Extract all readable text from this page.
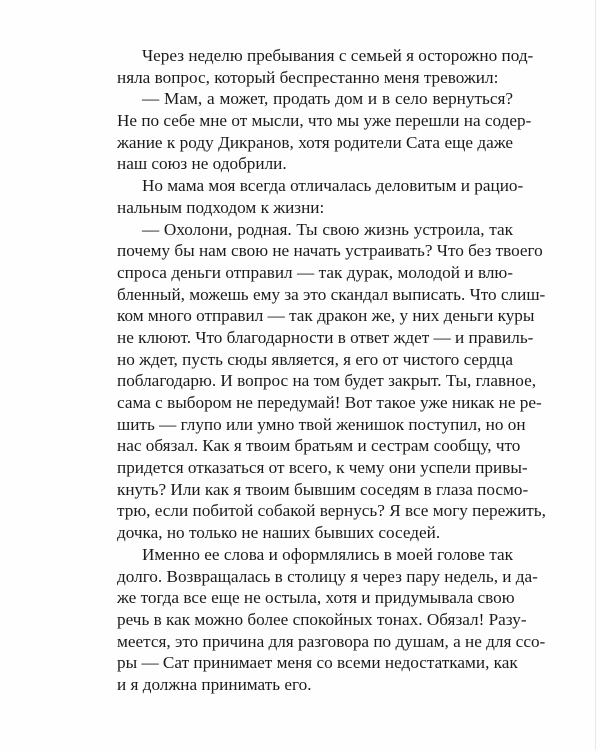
Через неделю пребывания с семьей я осторожно под-
няла вопрос, который беспрестанно меня тревожил:
— Мам, а может, продать дом и в село вернуться?
Не по себе мне от мысли, что мы уже перешли на содер-
жание к роду Дикранов, хотя родители Сата еще даже
наш союз не одобрили.
Но мама моя всегда отличалась деловитым и рацио-
нальным подходом к жизни:
— Охолони, родная. Ты свою жизнь устроила, так
почему бы нам свою не начать устраивать? Что без твоего
спроса деньги отправил — так дурак, молодой и влю-
бленный, можешь ему за это скандал выписать. Что слиш-
ком много отправил — так дракон же, у них деньги куры
не клюют. Что благодарности в ответ ждет — и правиль-
но ждет, пусть сюды является, я его от чистого сердца
поблагодарю. И вопрос на том будет закрыт. Ты, главное,
сама с выбором не передумай! Вот такое уже никак не ре-
шить — глупо или умно твой женишок поступил, но он
нас обязал. Как я твоим братьям и сестрам сообщу, что
придется отказаться от всего, к чему они успели привы-
кнуть? Или как я твоим бывшим соседям в глаза посмо-
трю, если побитой собакой вернусь? Я все могу пережить,
дочка, но только не наших бывших соседей.
Именно ее слова и оформлялись в моей голове так
долго. Возвращалась в столицу я через пару недель, и да-
же тогда все еще не остыла, хотя и придумывала свою
речь в как можно более спокойных тонах. Обязал! Разу-
меется, это причина для разговора по душам, а не для ссо-
ры — Сат принимает меня со всеми недостатками, как
и я должна принимать его.
